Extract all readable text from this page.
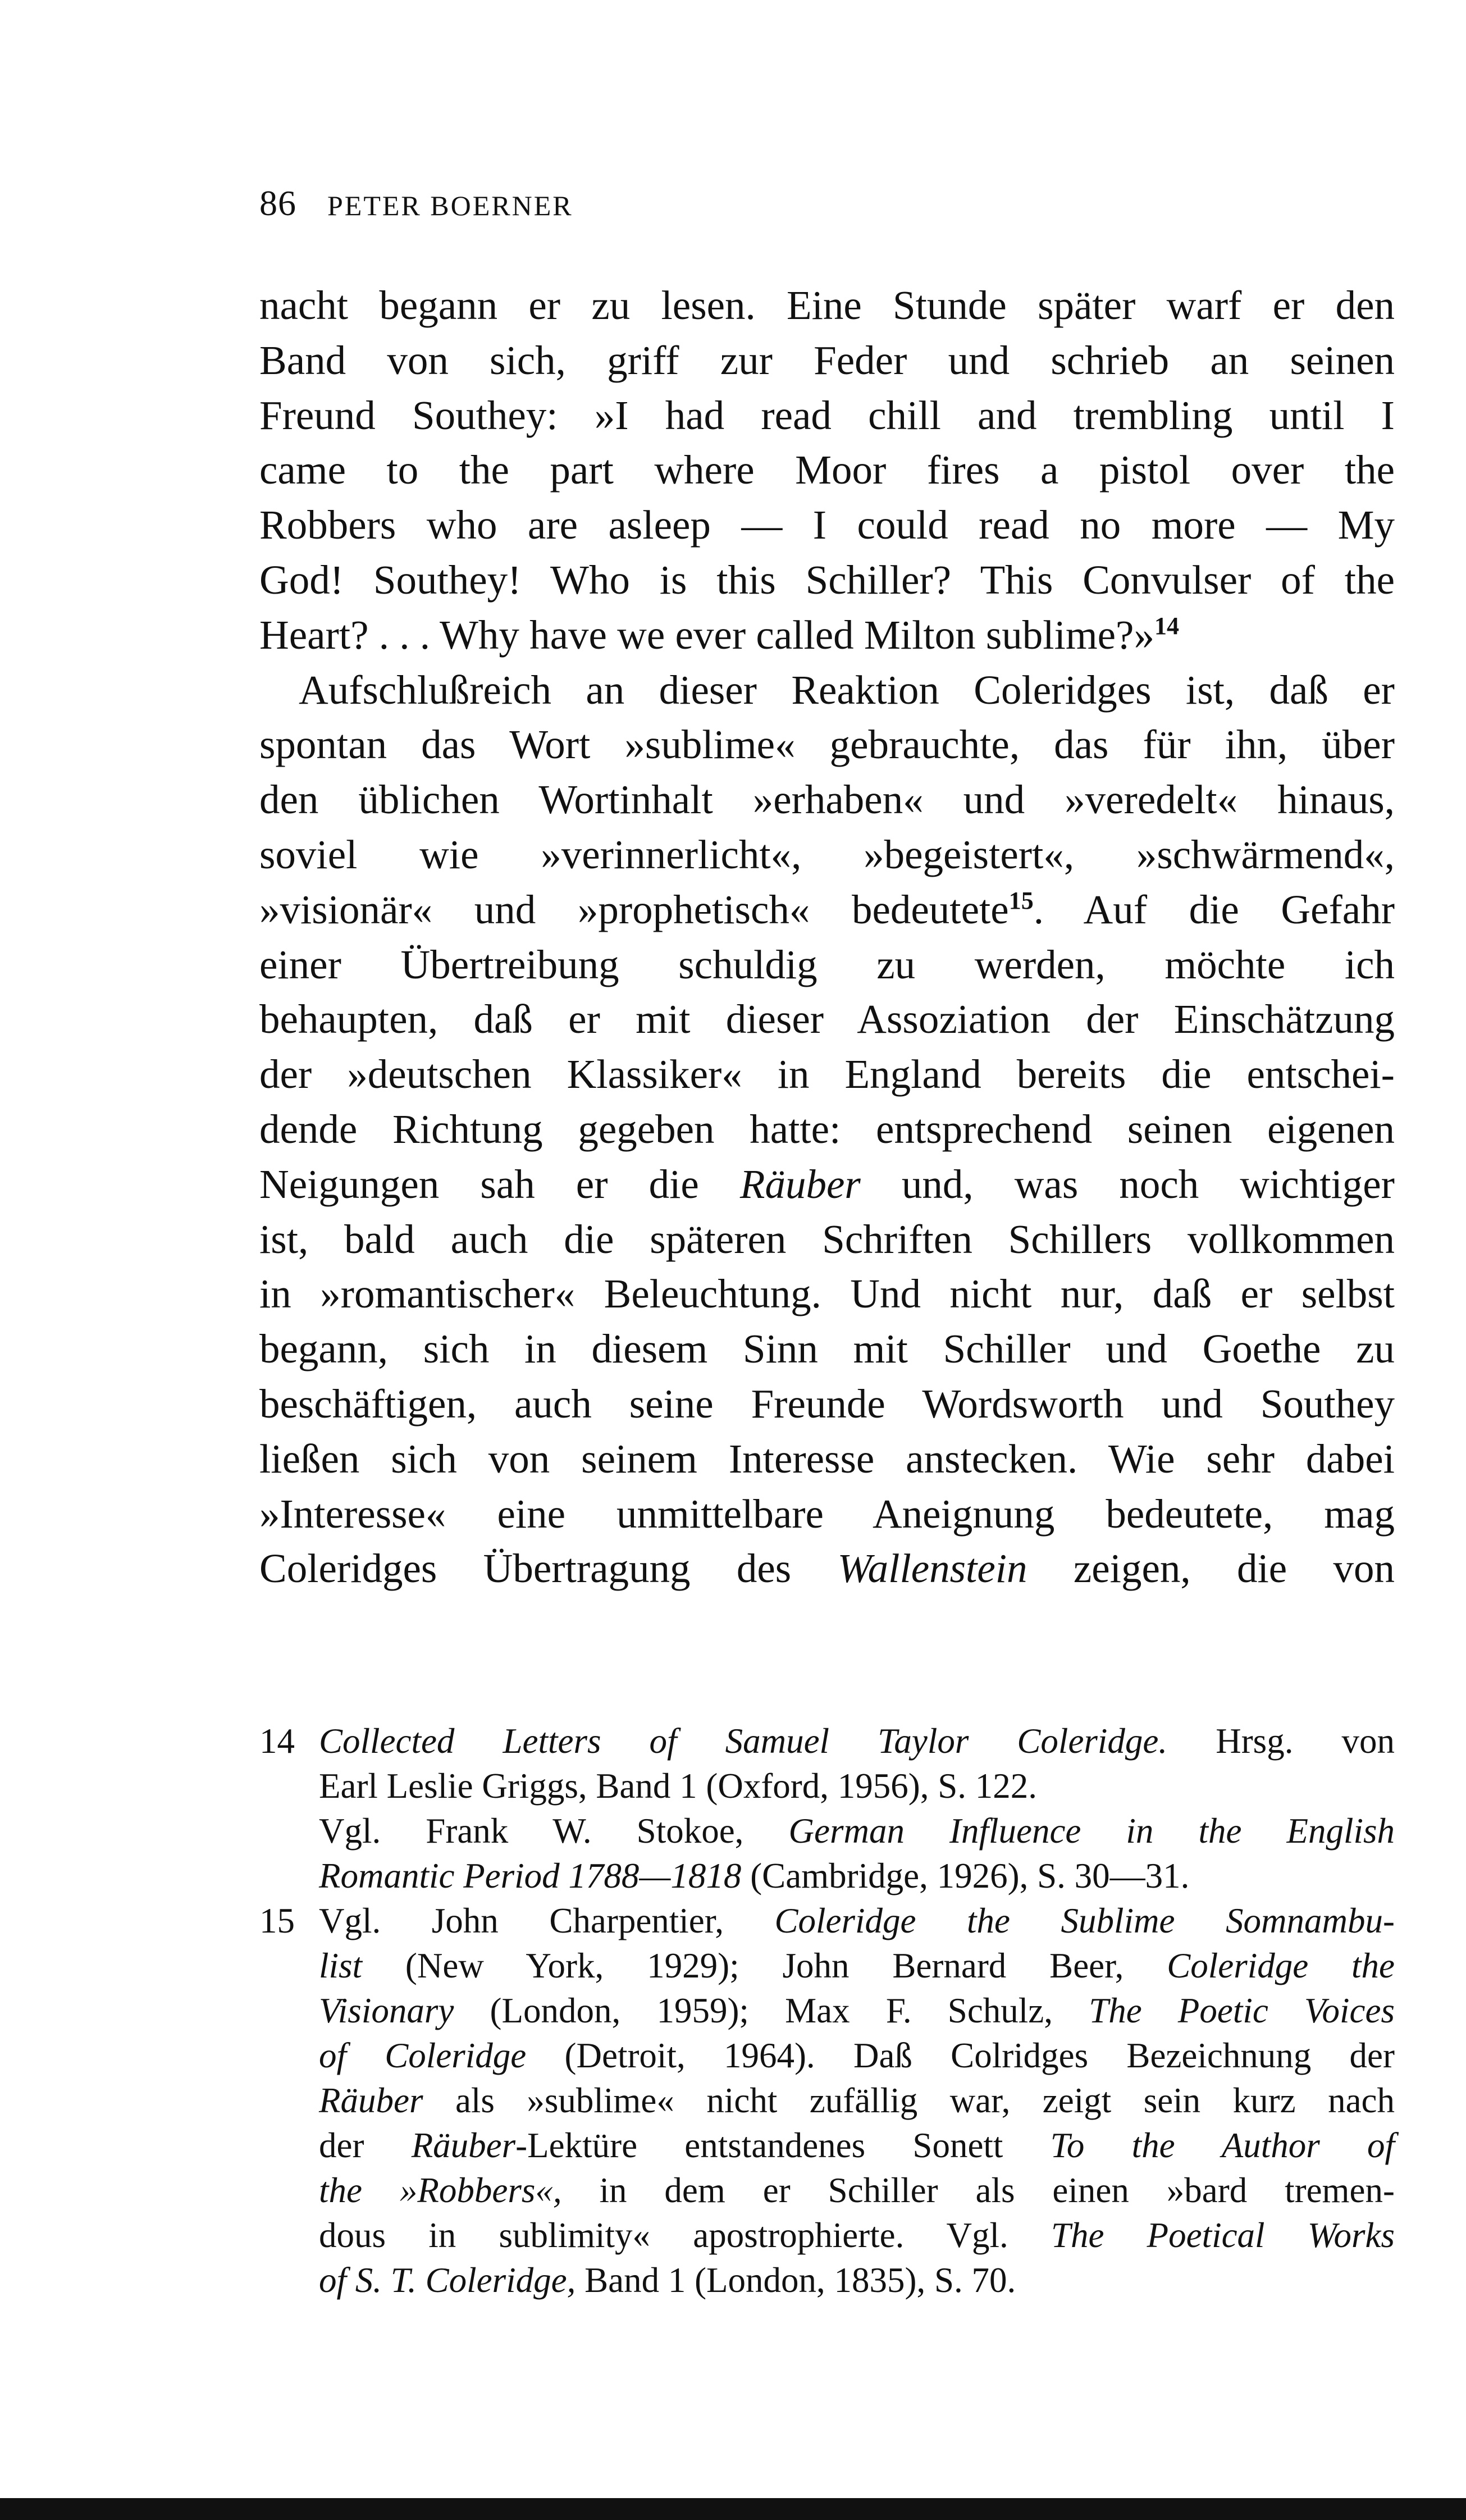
86 PETER BOERNER
nacht begann er zu lesen. Eine Stunde später warf er den
Band von sich, griff zur Feder und schrieb an seinen
Freund Southey: »I had read chill and trembling until I
came to the part where Moor fires a pistol over the
Robbers who are asleep — I could read no more — My
God! Southey! Who is this Schiller? This Convulser of the
Heart? . . . Why have we ever called Milton sublime?»$^{14}$
Aufschlußreich an dieser Reaktion Coleridges ist, daß er
spontan das Wort »sublime« gebrauchte, das für ihn, über
den üblichen Wortinhalt »erhaben« und »veredelt« hinaus,
soviel wie »verinnerlicht«, »begeistert«, »schwärmend«,
»visionär« und »prophetisch« bedeutete$^{15}$. Auf die Gefahr
einer Übertreibung schuldig zu werden, möchte ich
behaupten, daß er mit dieser Assoziation der Einschätzung
der »deutschen Klassiker« in England bereits die entschei-
dende Richtung gegeben hatte: entsprechend seinen eigenen
Neigungen sah er die Räuber und, was noch wichtiger
ist, bald auch die späteren Schriften Schillers vollkommen
in »romantischer« Beleuchtung. Und nicht nur, daß er selbst
begann, sich in diesem Sinn mit Schiller und Goethe zu
beschäftigen, auch seine Freunde Wordsworth und Southey
ließen sich von seinem Interesse anstecken. Wie sehr dabei
»Interesse« eine unmittelbare Aneignung bedeutete, mag
Coleridges Übertragung des Wallenstein zeigen, die von
14 Collected Letters of Samuel Taylor Coleridge. Hrsg. von
Earl Leslie Griggs, Band 1 (Oxford, 1956), S. 122.
Vgl. Frank W. Stokoe, German Influence in the English
Romantic Period 1788—1818 (Cambridge, 1926), S. 30—31.
15 Vgl. John Charpentier, Coleridge the Sublime Somnambu-
list (New York, 1929); John Bernard Beer, Coleridge the
Visionary (London, 1959); Max F. Schulz, The Poetic Voices
of Coleridge (Detroit, 1964). Daß Colridges Bezeichnung der
Räuber als »sublime« nicht zufällig war, zeigt sein kurz nach
der Räuber-Lektüre entstandenes Sonett To the Author of
the »Robbers«, in dem er Schiller als einen »bard tremen-
dous in sublimity« apostrophierte. Vgl. The Poetical Works
of S. T. Coleridge, Band 1 (London, 1835), S. 70.
